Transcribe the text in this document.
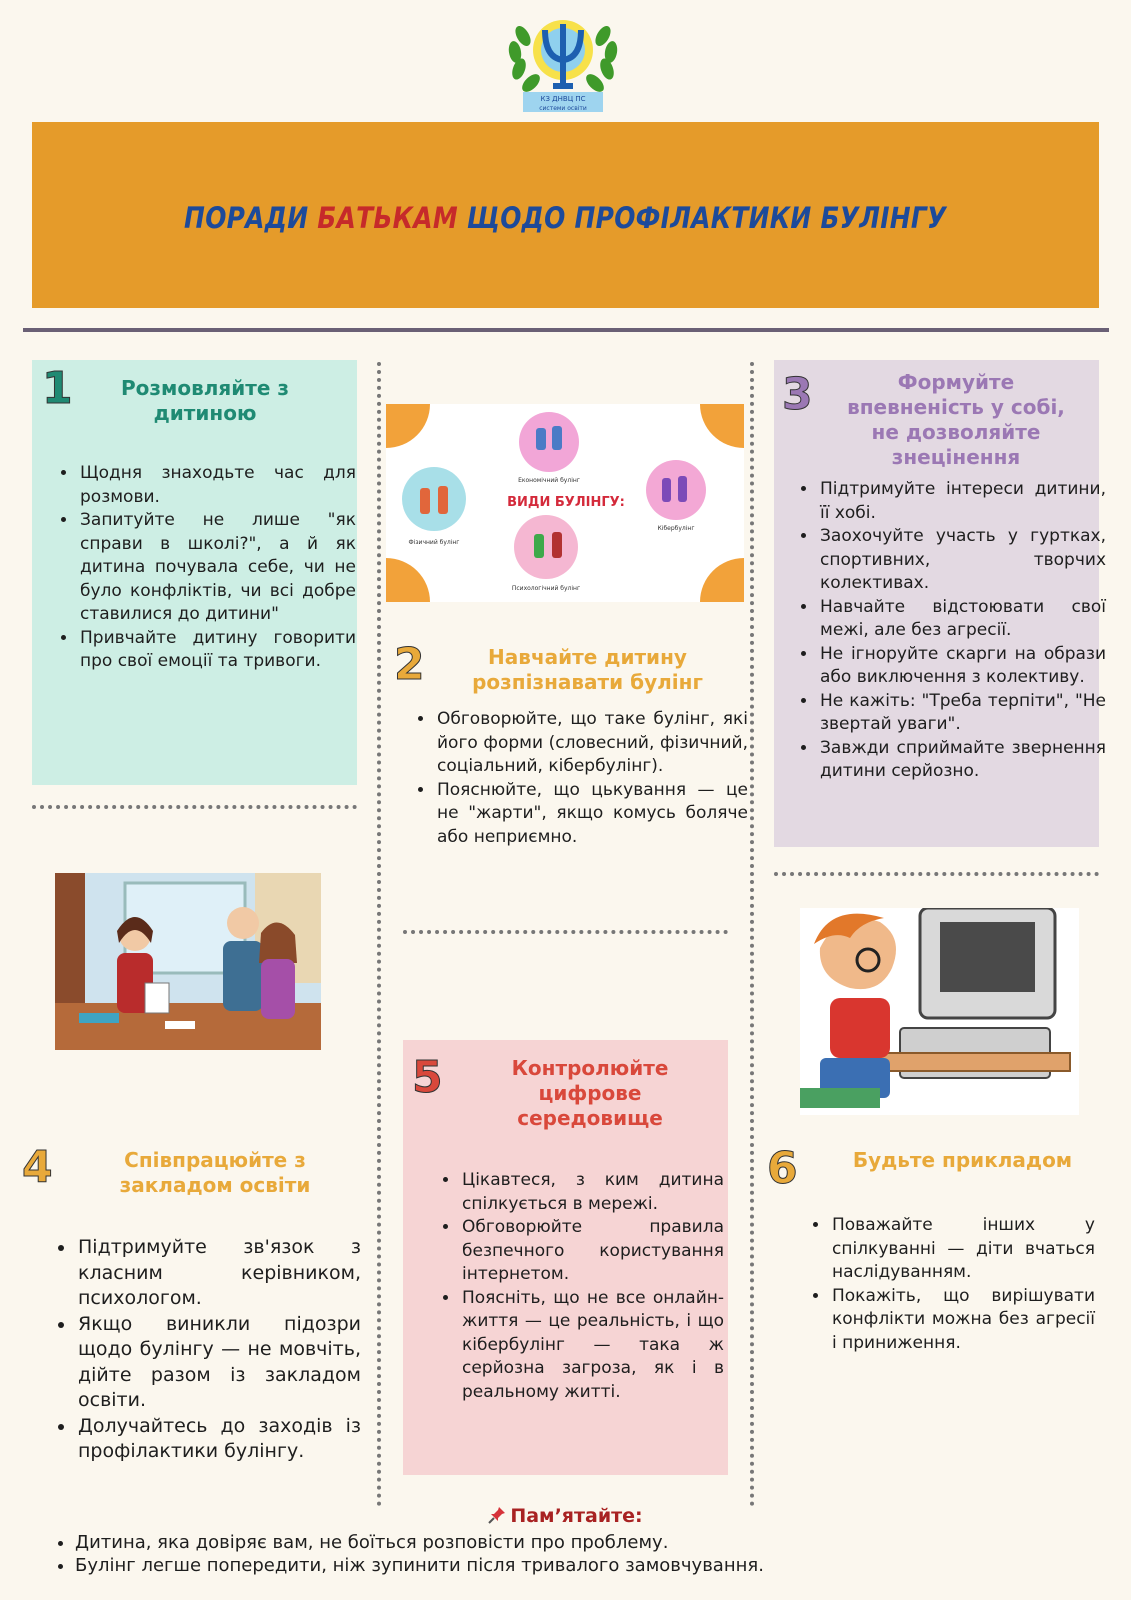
КЗ ДНВЦ ПС
системи освіти
ПОРАДИ БАТЬКАМ ЩОДО ПРОФІЛАКТИКИ БУЛІНГУ
1	Розмовляйте з дитиною
• Щодня знаходьте час для розмови.
• Запитуйте не лише "як справи в школі?", а й як дитина почувала себе, чи не було конфліктів, чи всі добре ставилися до дитини"
• Привчайте дитину говорити про свої емоції та тривоги.
ВИДИ БУЛІНГУ:
Економічний булінг
Фізичний булінг
Кібербулінг
Психологічний булінг
2	Навчайте дитину розпізнавати булінг
• Обговорюйте, що таке булінг, які його форми (словесний, фізичний, соціальний, кібербулінг).
• Пояснюйте, що цькування — це не "жарти", якщо комусь боляче або неприємно.
3	Формуйте впевненість у собі, не дозволяйте знецінення
• Підтримуйте інтереси дитини, її хобі.
• Заохочуйте участь у гуртках, спортивних, творчих колективах.
• Навчайте відстоювати свої межі, але без агресії.
• Не ігноруйте скарги на образи або виключення з колективу.
• Не кажіть: "Треба терпіти", "Не звертай уваги".
• Завжди сприймайте звернення дитини серйозно.
4	Співпрацюйте з закладом освіти
• Підтримуйте зв'язок з класним керівником, психологом.
• Якщо виникли підозри щодо булінгу — не мовчіть, дійте разом із закладом освіти.
• Долучайтесь до заходів із профілактики булінгу.
5	Контролюйте цифрове середовище
• Цікавтеся, з ким дитина спілкується в мережі.
• Обговорюйте правила безпечного користування інтернетом.
• Поясніть, що не все онлайн-життя — це реальність, і що кібербулінг — така ж серйозна загроза, як і в реальному житті.
6	Будьте прикладом
• Поважайте інших у спілкуванні — діти вчаться наслідуванням.
• Покажіть, що вирішувати конфлікти можна без агресії і приниження.
Пам’ятайте:
• Дитина, яка довіряє вам, не боїться розповісти про проблему.
• Булінг легше попередити, ніж зупинити після тривалого замовчування.
